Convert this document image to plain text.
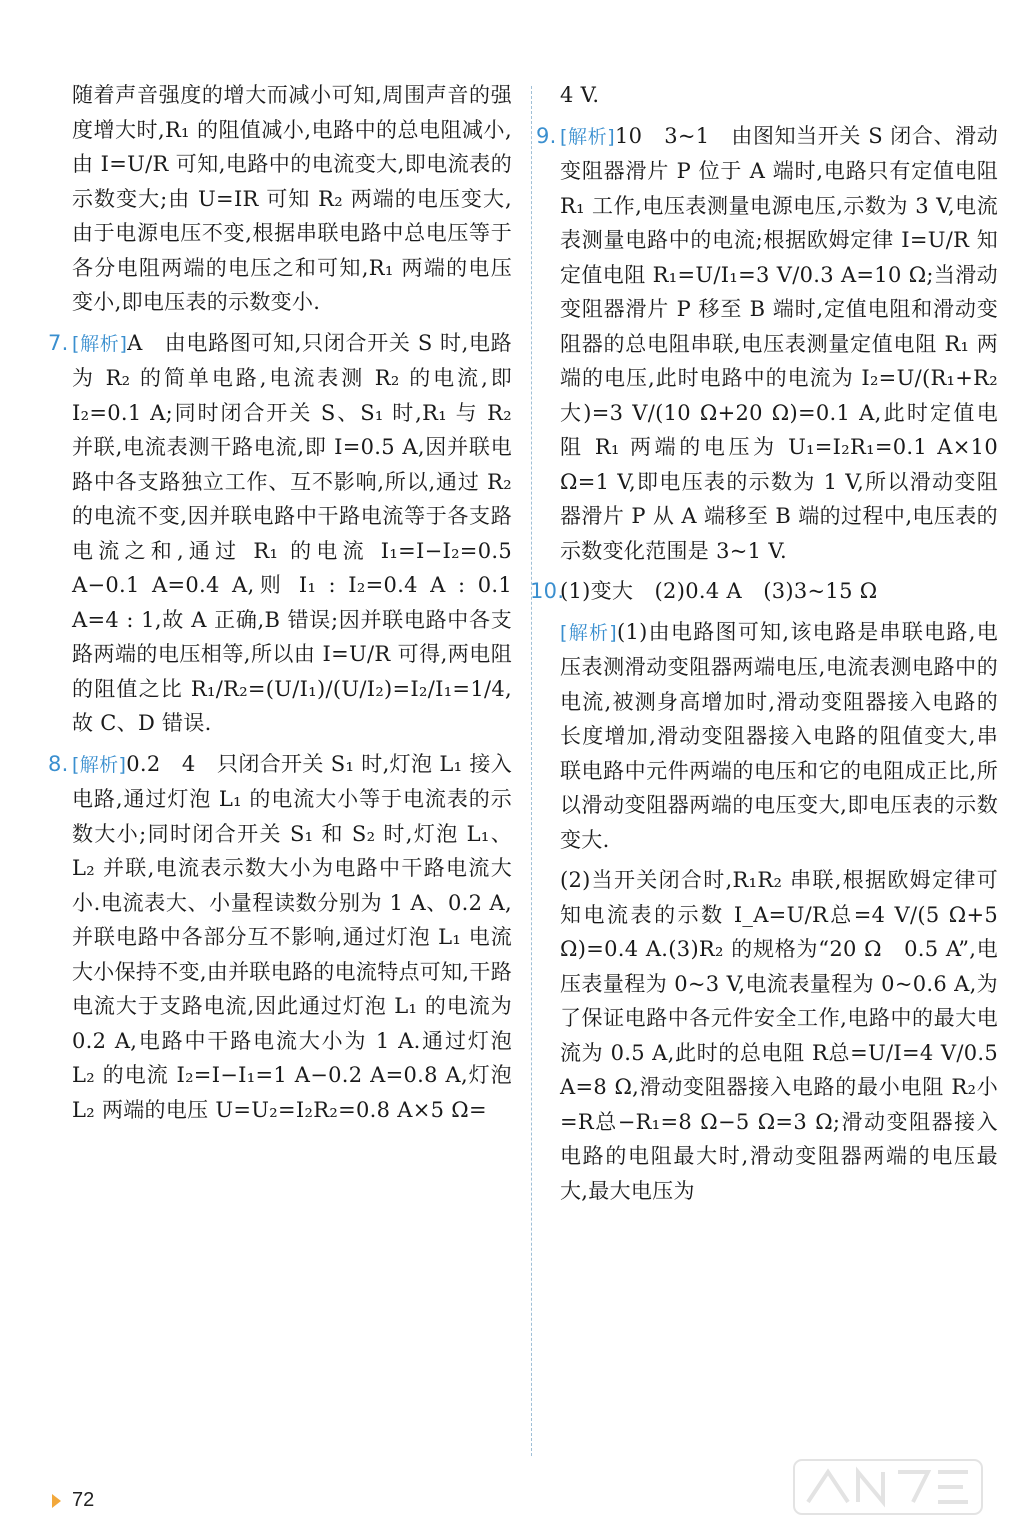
随着声音强度的增大而减小可知,周围声音的强度增大时,R₁ 的阻值减小,电路中的总电阻减小,由 I=U/R 可知,电路中的电流变大,即电流表的示数变大;由 U=IR 可知 R₂ 两端的电压变大,由于电源电压不变,根据串联电路中总电压等于各分电阻两端的电压之和可知,R₁ 两端的电压变小,即电压表的示数变小.

7. [解析]A　由电路图可知,只闭合开关 S 时,电路为 R₂ 的简单电路,电流表测 R₂ 的电流,即 I₂=0.1 A;同时闭合开关 S、S₁ 时,R₁ 与 R₂ 并联,电流表测干路电流,即 I=0.5 A,因并联电路中各支路独立工作、互不影响,所以,通过 R₂ 的电流不变,因并联电路中干路电流等于各支路电流之和,通过 R₁ 的电流 I₁=I−I₂=0.5 A−0.1 A=0.4 A,则 I₁ : I₂=0.4 A : 0.1 A=4 : 1,故 A 正确,B 错误;因并联电路中各支路两端的电压相等,所以由 I=U/R 可得,两电阻的阻值之比 R₁/R₂=(U/I₁)/(U/I₂)=I₂/I₁=1/4,故 C、D 错误.

8. [解析]0.2　4　只闭合开关 S₁ 时,灯泡 L₁ 接入电路,通过灯泡 L₁ 的电流大小等于电流表的示数大小;同时闭合开关 S₁ 和 S₂ 时,灯泡 L₁、L₂ 并联,电流表示数大小为电路中干路电流大小.电流表大、小量程读数分别为 1 A、0.2 A,并联电路中各部分互不影响,通过灯泡 L₁ 电流大小保持不变,由并联电路的电流特点可知,干路电流大于支路电流,因此通过灯泡 L₁ 的电流为 0.2 A,电路中干路电流大小为 1 A.通过灯泡 L₂ 的电流 I₂=I−I₁=1 A−0.2 A=0.8 A,灯泡 L₂ 两端的电压 U=U₂=I₂R₂=0.8 A×5 Ω=

4 V.

9. [解析]10　3~1　由图知当开关 S 闭合、滑动变阻器滑片 P 位于 A 端时,电路只有定值电阻 R₁ 工作,电压表测量电源电压,示数为 3 V,电流表测量电路中的电流;根据欧姆定律 I=U/R 知定值电阻 R₁=U/I₁=3 V/0.3 A=10 Ω;当滑动变阻器滑片 P 移至 B 端时,定值电阻和滑动变阻器的总电阻串联,电压表测量定值电阻 R₁ 两端的电压,此时电路中的电流为 I₂=U/(R₁+R₂大)=3 V/(10 Ω+20 Ω)=0.1 A,此时定值电阻 R₁ 两端的电压为 U₁=I₂R₁=0.1 A×10 Ω=1 V,即电压表的示数为 1 V,所以滑动变阻器滑片 P 从 A 端移至 B 端的过程中,电压表的示数变化范围是 3~1 V.

10.(1)变大　(2)0.4 A　(3)3~15 Ω

[解析](1)由电路图可知,该电路是串联电路,电压表测滑动变阻器两端电压,电流表测电路中的电流,被测身高增加时,滑动变阻器接入电路的长度增加,滑动变阻器接入电路的阻值变大,串联电路中元件两端的电压和它的电阻成正比,所以滑动变阻器两端的电压变大,即电压表的示数变大.

(2)当开关闭合时,R₁R₂ 串联,根据欧姆定律可知电流表的示数 I_A=U/R总=4 V/(5 Ω+5 Ω)=0.4 A.(3)R₂ 的规格为“20 Ω　0.5 A”,电压表量程为 0~3 V,电流表量程为 0~0.6 A,为了保证电路中各元件安全工作,电路中的最大电流为 0.5 A,此时的总电阻 R总=U/I=4 V/0.5 A=8 Ω,滑动变阻器接入电路的最小电阻 R₂小=R总−R₁=8 Ω−5 Ω=3 Ω;滑动变阻器接入电路的电阻最大时,滑动变阻器两端的电压最大,最大电压为

72
